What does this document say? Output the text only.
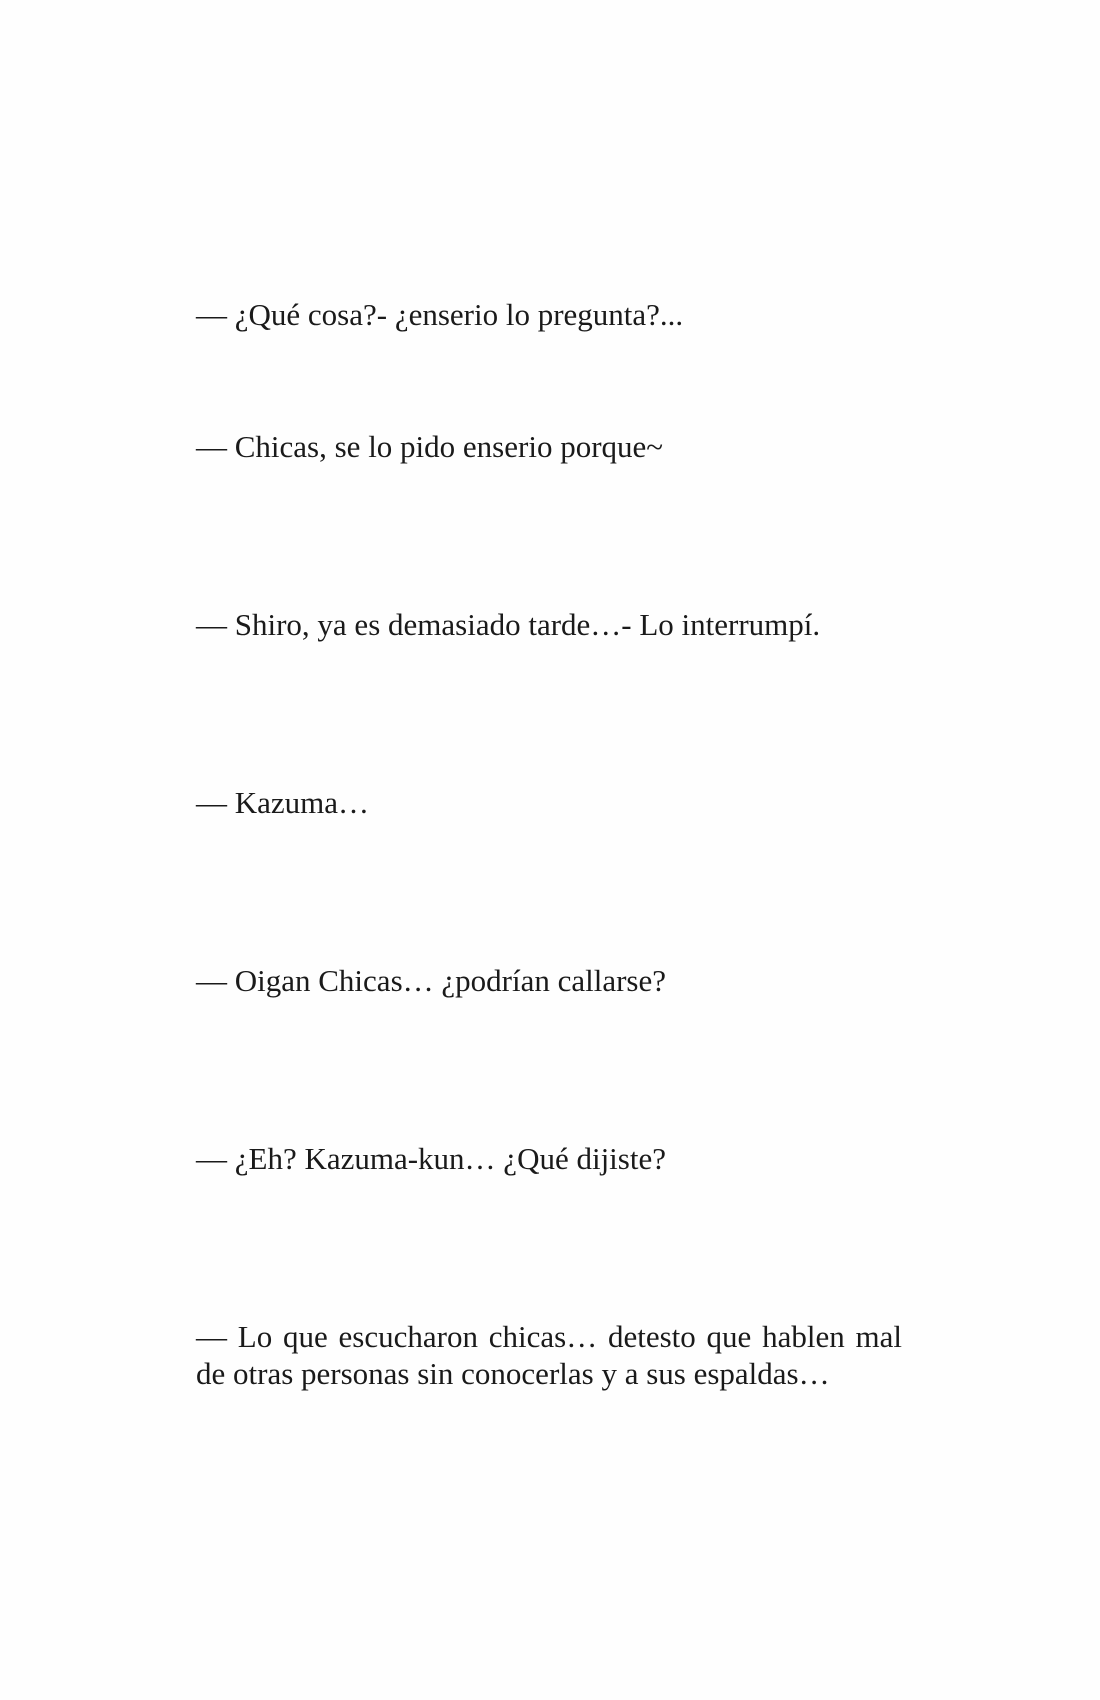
— ¿Qué cosa?- ¿enserio lo pregunta?...

— Chicas, se lo pido enserio porque~

— Shiro, ya es demasiado tarde…- Lo interrumpí.

— Kazuma…

— Oigan Chicas… ¿podrían callarse?

— ¿Eh? Kazuma-kun… ¿Qué dijiste?

— Lo que escucharon chicas… detesto que hablen mal de otras personas sin conocerlas y a sus espaldas…
